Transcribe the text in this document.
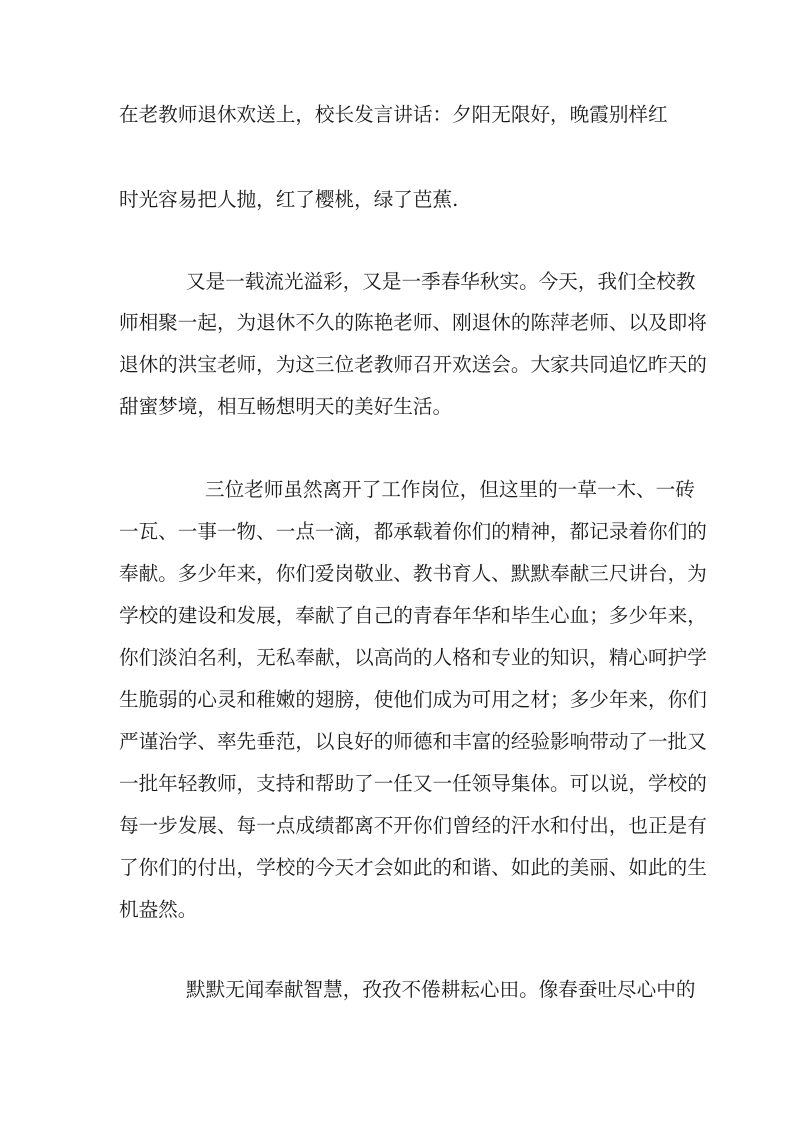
在老教师退休欢送上，校长发言讲话：夕阳无限好，晚霞别样红
时光容易把人抛，红了樱桃，绿了芭蕉.
又是一载流光溢彩，又是一季春华秋实。今天，我们全校教
师相聚一起，为退休不久的陈艳老师、刚退休的陈萍老师、以及即将
退休的洪宝老师，为这三位老教师召开欢送会。大家共同追忆昨天的
甜蜜梦境，相互畅想明天的美好生活。
三位老师虽然离开了工作岗位，但这里的一草一木、一砖
一瓦、一事一物、一点一滴，都承载着你们的精神，都记录着你们的
奉献。多少年来，你们爱岗敬业、教书育人、默默奉献三尺讲台，为
学校的建设和发展，奉献了自己的青春年华和毕生心血；多少年来，
你们淡泊名利，无私奉献，以高尚的人格和专业的知识，精心呵护学
生脆弱的心灵和稚嫩的翅膀，使他们成为可用之材；多少年来，你们
严谨治学、率先垂范，以良好的师德和丰富的经验影响带动了一批又
一批年轻教师，支持和帮助了一任又一任领导集体。可以说，学校的
每一步发展、每一点成绩都离不开你们曾经的汗水和付出，也正是有
了你们的付出，学校的今天才会如此的和谐、如此的美丽、如此的生
机盎然。
默默无闻奉献智慧，孜孜不倦耕耘心田。像春蚕吐尽心中的
